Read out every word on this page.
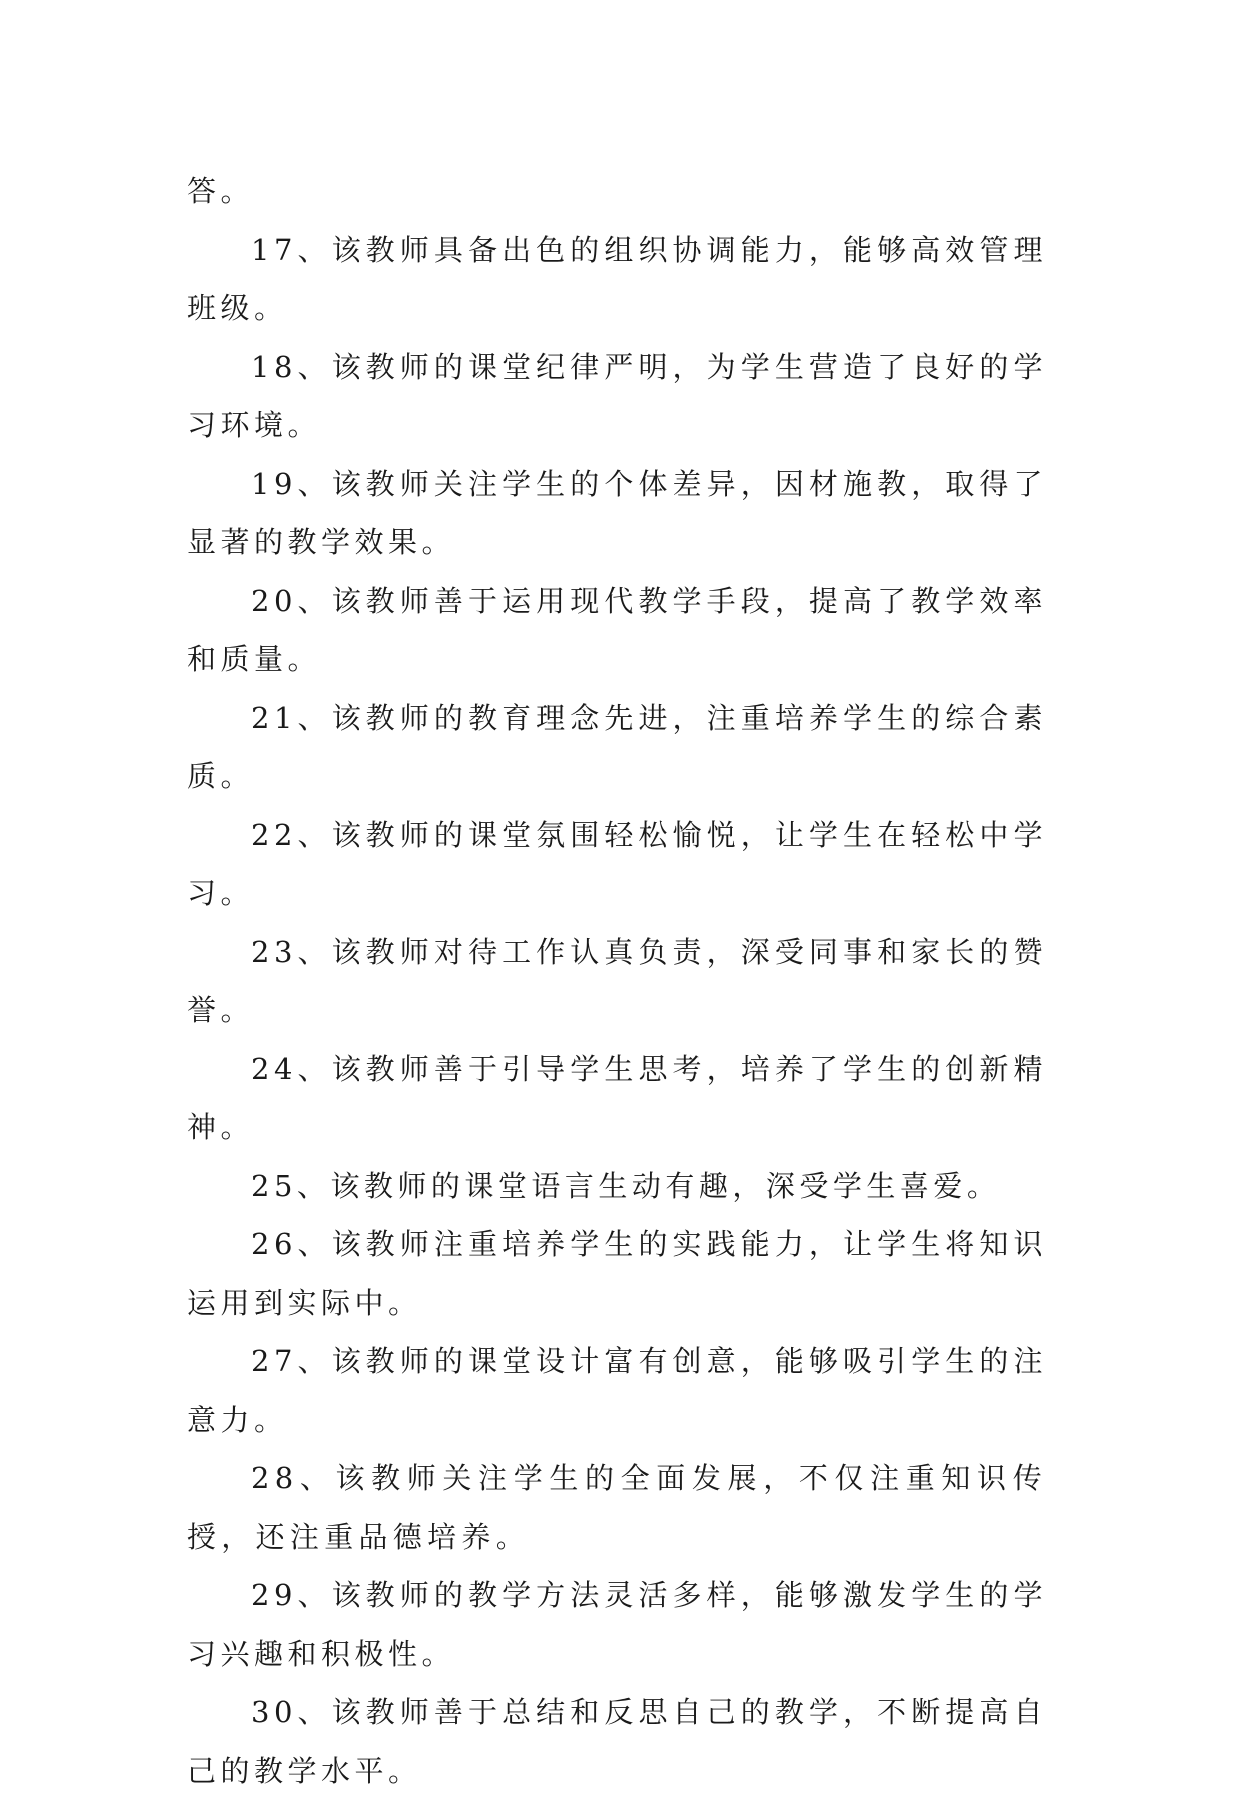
答。

17、该教师具备出色的组织协调能力，能够高效管理班级。

18、该教师的课堂纪律严明，为学生营造了良好的学习环境。

19、该教师关注学生的个体差异，因材施教，取得了显著的教学效果。

20、该教师善于运用现代教学手段，提高了教学效率和质量。

21、该教师的教育理念先进，注重培养学生的综合素质。

22、该教师的课堂氛围轻松愉悦，让学生在轻松中学习。

23、该教师对待工作认真负责，深受同事和家长的赞誉。

24、该教师善于引导学生思考，培养了学生的创新精神。

25、该教师的课堂语言生动有趣，深受学生喜爱。

26、该教师注重培养学生的实践能力，让学生将知识运用到实际中。

27、该教师的课堂设计富有创意，能够吸引学生的注意力。

28、该教师关注学生的全面发展，不仅注重知识传授，还注重品德培养。

29、该教师的教学方法灵活多样，能够激发学生的学习兴趣和积极性。

30、该教师善于总结和反思自己的教学，不断提高自己的教学水平。
